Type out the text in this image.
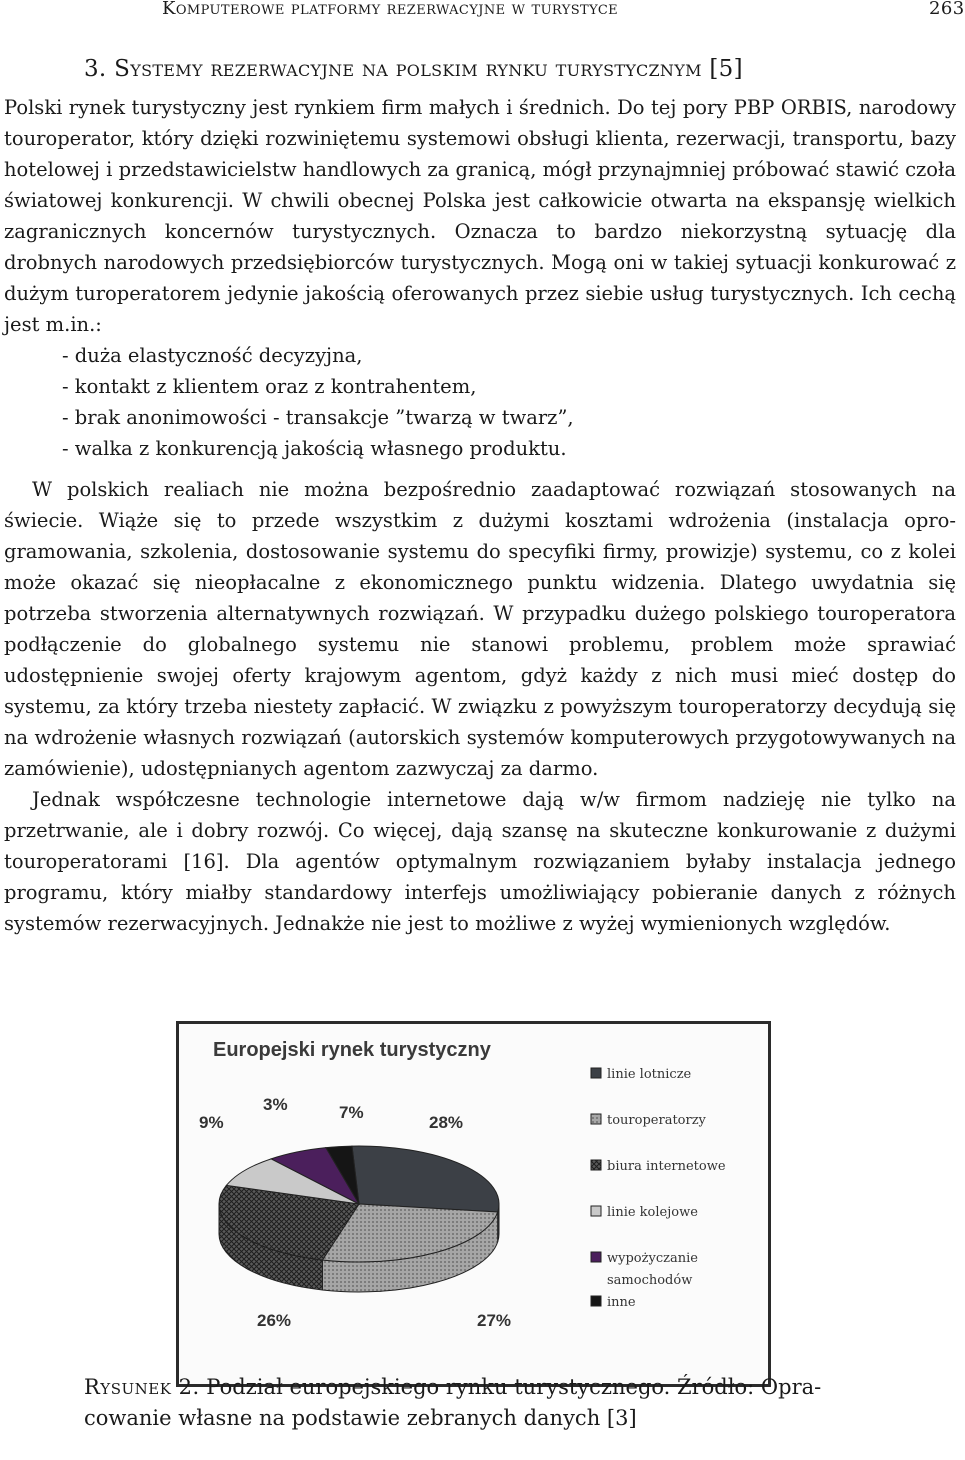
Komputerowe platformy rezerwacyjne w turystyce	263
3. Systemy rezerwacyjne na polskim rynku turystycznym [5]

Polski rynek turystyczny jest rynkiem firm małych i średnich. Do tej pory PBP ORBIS, narodowy touroperator, który dzięki rozwiniętemu systemowi obsługi klienta, rezerwacji, transportu, bazy hotelowej i przedstawicielstw handlowych za granicą, mógł przynajmniej próbować stawić czoła światowej konkurencji. W chwili obecnej Polska jest całkowicie otwarta na ekspansję wielkich zagranicznych koncernów turystycznych. Oznacza to bardzo niekorzystną sytuację dla drobnych narodowych przedsiębiorców turystycznych. Mogą oni w takiej sytuacji konkurować z dużym turoperatorem jedynie jakością oferowanych przez siebie usług turystycznych. Ich cechą jest m.in.:

- duża elastyczność decyzyjna,
- kontakt z klientem oraz z kontrahentem,
- brak anonimowości - transakcje ”twarzą w twarz”,
- walka z konkurencją jakością własnego produktu.

W polskich realiach nie można bezpośrednio zaadaptować rozwiązań stosowanych na świecie. Wiąże się to przede wszystkim z dużymi kosztami wdrożenia (instalacja oprogramowania, szkolenia, dostosowanie systemu do specyfiki firmy, prowizje) systemu, co z kolei może okazać się nieopłacalne z ekonomicznego punktu widzenia. Dlatego uwydatnia się potrzeba stworzenia alternatywnych rozwiązań. W przypadku dużego polskiego touroperatora podłączenie do globalnego systemu nie stanowi problemu, problem może sprawiać udostępnienie swojej oferty krajowym agentom, gdyż każdy z nich musi mieć dostęp do systemu, za który trzeba niestety zapłacić. W związku z powyższym touroperatorzy decydują się na wdrożenie własnych rozwiązań (autorskich systemów komputerowych przygotowywanych na zamówienie), udostępnianych agentom zazwyczaj za darmo.

Jednak współczesne technologie internetowe dają w/w firmom nadzieję nie tylko na przetrwanie, ale i dobry rozwój. Co więcej, dają szansę na skuteczne konkurowanie z dużymi touroperatorami [16]. Dla agentów optymalnym rozwiązaniem byłaby instalacja jednego programu, który miałby standardowy interfejs umożliwiający pobieranie danych z różnych systemów rezerwacyjnych. Jednakże nie jest to możliwe z wyżej wymienionych względów.

28%
27%
26%
9%
7%
3%
linie lotnicze
touroperatorzy
biura internetowe
linie kolejowe
wypożyczanie
samochodów
inne
Europejski rynek turystyczny
Rysunek 2. Podział europejskiego rynku turystycznego. Źródło: Opracowanie własne na podstawie zebranych danych [3]
